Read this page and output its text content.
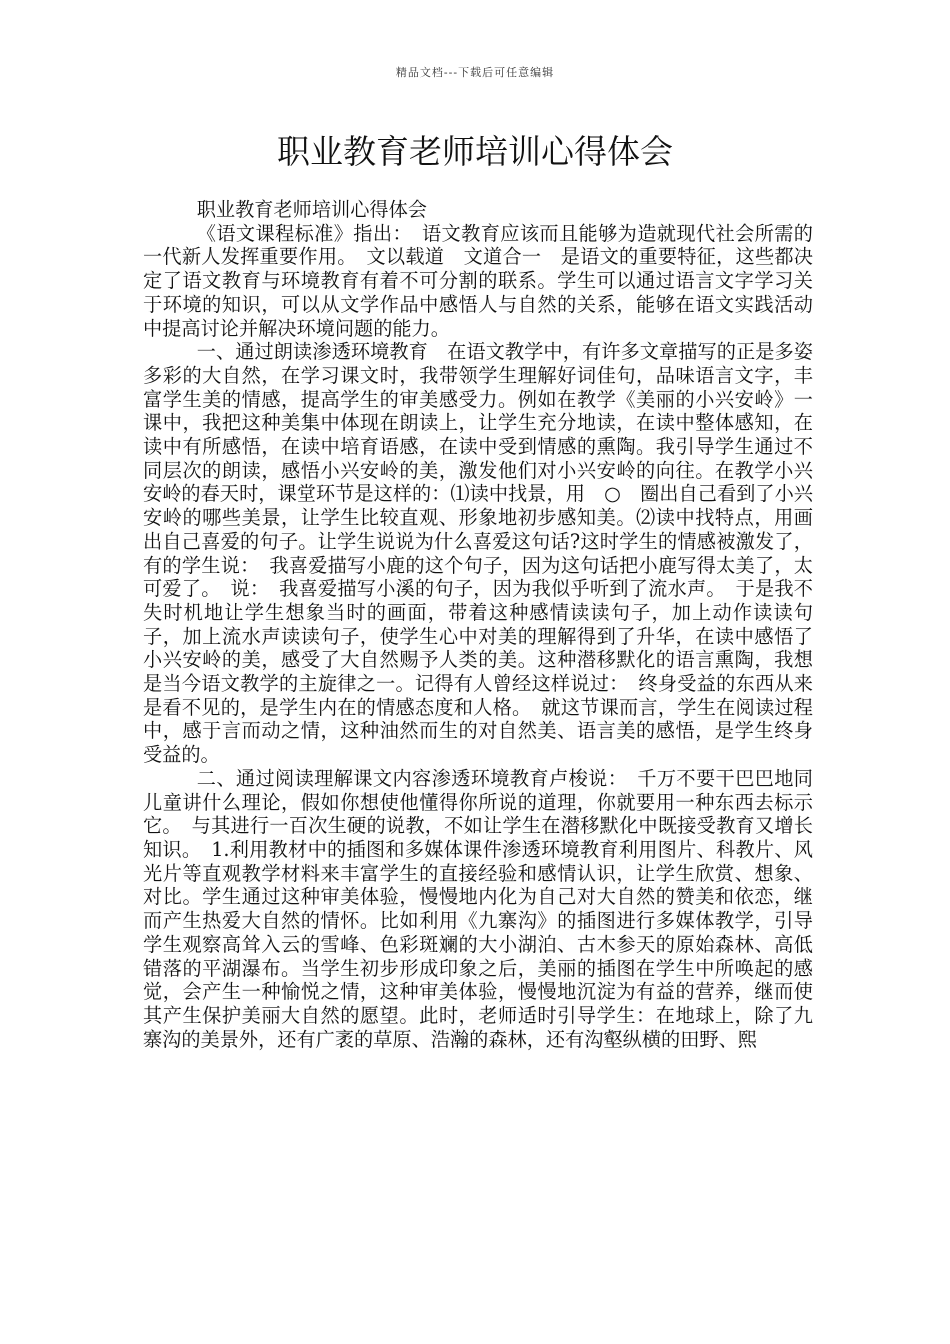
精品文档---下载后可任意编辑
职业教育老师培训心得体会

职业教育老师培训心得体会

《语文课程标准》指出：　语文教育应该而且能够为造就现代社会所需的一代新人发挥重要作用。　文以载道　文道合一　是语文的重要特征，这些都决定了语文教育与环境教育有着不可分割的联系。学生可以通过语言文字学习关于环境的知识，可以从文学作品中感悟人与自然的关系，能够在语文实践活动中提高讨论并解决环境问题的能力。

一、通过朗读渗透环境教育　在语文教学中，有许多文章描写的正是多姿多彩的大自然，在学习课文时，我带领学生理解好词佳句，品味语言文字，丰富学生美的情感，提高学生的审美感受力。例如在教学《美丽的小兴安岭》一课中，我把这种美集中体现在朗读上，让学生充分地读，在读中整体感知，在读中有所感悟，在读中培育语感，在读中受到情感的熏陶。我引导学生通过不同层次的朗读，感悟小兴安岭的美，激发他们对小兴安岭的向往。在教学小兴安岭的春天时，课堂环节是这样的：⑴读中找景，用　○　圈出自己看到了小兴安岭的哪些美景，让学生比较直观、形象地初步感知美。⑵读中找特点，用画出自己喜爱的句子。让学生说说为什么喜爱这句话?这时学生的情感被激发了，有的学生说：　我喜爱描写小鹿的这个句子，因为这句话把小鹿写得太美了，太可爱了。　说：　我喜爱描写小溪的句子，因为我似乎听到了流水声。　于是我不失时机地让学生想象当时的画面，带着这种感情读读句子，加上动作读读句子，加上流水声读读句子，使学生心中对美的理解得到了升华，在读中感悟了小兴安岭的美，感受了大自然赐予人类的美。这种潜移默化的语言熏陶，我想是当今语文教学的主旋律之一。记得有人曾经这样说过：　终身受益的东西从来是看不见的，是学生内在的情感态度和人格。　就这节课而言，学生在阅读过程中，感于言而动之情，这种油然而生的对自然美、语言美的感悟，是学生终身受益的。

二、通过阅读理解课文内容渗透环境教育卢梭说：　千万不要干巴巴地同儿童讲什么理论，假如你想使他懂得你所说的道理，你就要用一种东西去标示它。　与其进行一百次生硬的说教，不如让学生在潜移默化中既接受教育又增长知识。　1.利用教材中的插图和多媒体课件渗透环境教育利用图片、科教片、风光片等直观教学材料来丰富学生的直接经验和感情认识，让学生欣赏、想象、对比。学生通过这种审美体验，慢慢地内化为自己对大自然的赞美和依恋，继而产生热爱大自然的情怀。比如利用《九寨沟》的插图进行多媒体教学，引导学生观察高耸入云的雪峰、色彩斑斓的大小湖泊、古木参天的原始森林、高低错落的平湖瀑布。当学生初步形成印象之后，美丽的插图在学生中所唤起的感觉，会产生一种愉悦之情，这种审美体验，慢慢地沉淀为有益的营养，继而使其产生保护美丽大自然的愿望。此时，老师适时引导学生：在地球上，除了九寨沟的美景外，还有广袤的草原、浩瀚的森林，还有沟壑纵横的田野、熙
